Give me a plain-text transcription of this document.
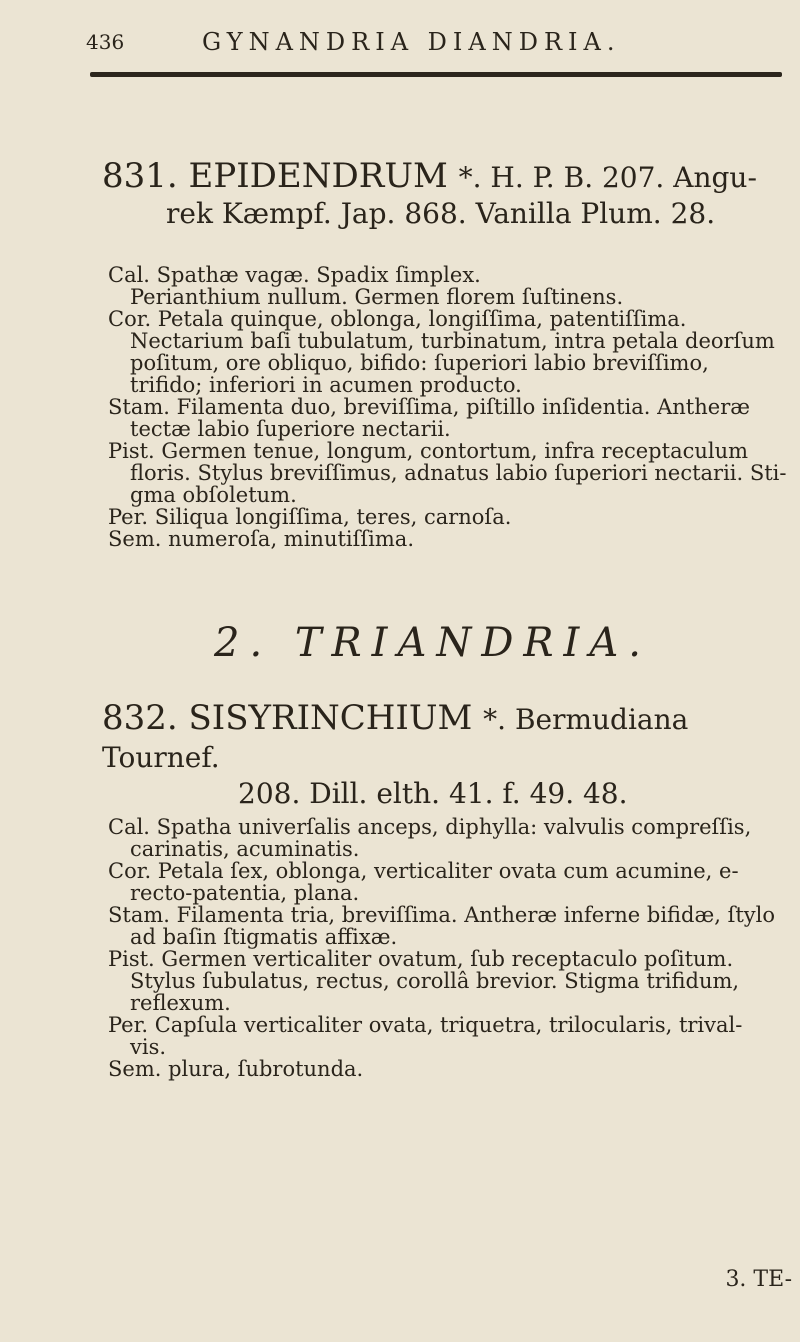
436	GYNANDRIA DIANDRIA.
831. EPIDENDRUM *. H. P. B. 207. Angu-
rek Kæmpf. Jap. 868. Vanilla Plum. 28.

Cal. Spathæ vagæ. Spadix ſimplex.

Perianthium nullum. Germen florem ſuſtinens.

Cor. Petala quinque, oblonga, longiſſima, patentiſſima.

Nectarium baſi tubulatum, turbinatum, intra petala deorſum

poſitum, ore obliquo, bifido: ſuperiori labio breviſſimo,

trifido; inferiori in acumen producto.

Stam. Filamenta duo, breviſſima, piſtillo inſidentia. Antheræ

tectæ labio ſuperiore nectarii.

Pist. Germen tenue, longum, contortum, infra receptaculum

floris. Stylus breviſſimus, adnatus labio ſuperiori nectarii. Sti-

gma obſoletum.

Per. Siliqua longiſſima, teres, carnoſa.

Sem. numeroſa, minutiſſima.

2. TRIANDRIA.
832. SISYRINCHIUM *. Bermudiana Tournef.
208. Dill. elth. 41. f. 49. 48.

Cal. Spatha univerſalis anceps, diphylla: valvulis compreſſis,

carinatis, acuminatis.

Cor. Petala ſex, oblonga, verticaliter ovata cum acumine, e-

recto-patentia, plana.

Stam. Filamenta tria, breviſſima. Antheræ inferne bifidæ, ſtylo

ad baſin ſtigmatis affixæ.

Pist. Germen verticaliter ovatum, ſub receptaculo poſitum.

Stylus ſubulatus, rectus, corollâ brevior. Stigma trifidum,

reflexum.

Per. Capſula verticaliter ovata, triquetra, trilocularis, trival-

vis.

Sem. plura, ſubrotunda.

3. TE-
